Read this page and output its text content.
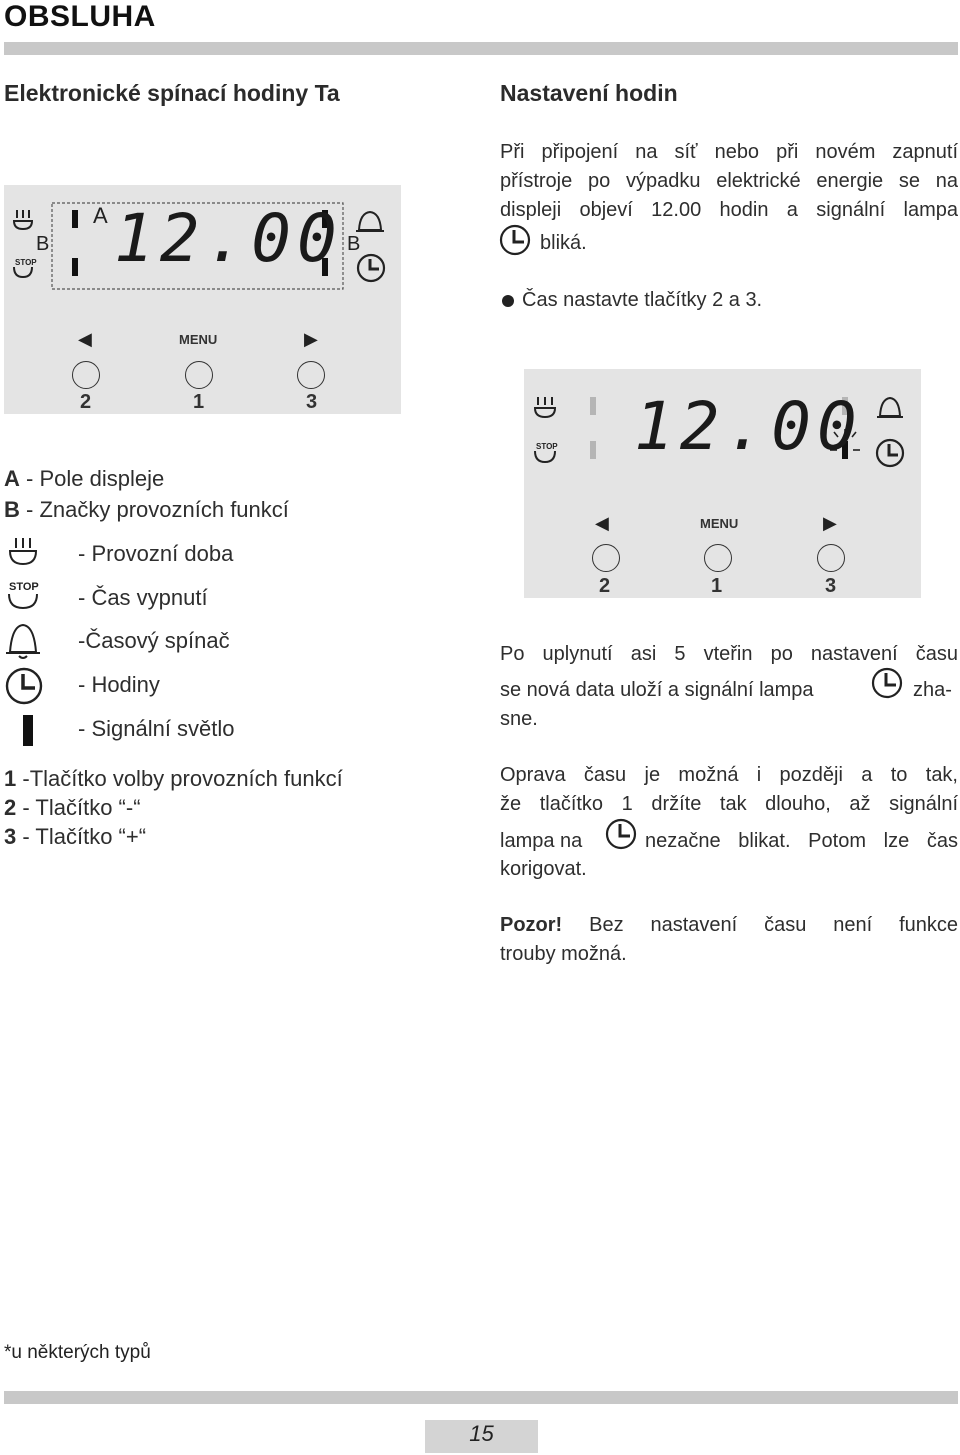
OBSLUHA
Elektronické spínací hodiny Ta
STOP
A
B	B
12.00
◀	MENU	▶
2	1	3
A - Pole displeje
B - Značky provozních funkcí
- Provozní doba
STOP - Čas vypnutí
-Časový spínač
- Hodiny
- Signální světlo
1 -Tlačítko volby provozních funkcí
2 - Tlačítko “-“
3 - Tlačítko “+“
Nastavení hodin
Při připojení na síť nebo při novém zapnutí
přístroje po výpadku elektrické energie se na
displeji objeví 12.00 hodin a signální lampa
bliká.
Čas nastavte tlačítky 2 a 3.
STOP 12.00
◀	MENU	▶
2	1	3
Po uplynutí asi 5 vteřin po nastavení času
se nová data uloží a signální lampa	zha-
sne.
Oprava času je možná i později a to tak,
že tlačítko 1 držíte tak dlouho, až signální
lampa na	nezačne blikat. Potom lze čas
korigovat.
Pozor! Bez nastavení času není funkce
trouby možná.
*u některých typů
15
